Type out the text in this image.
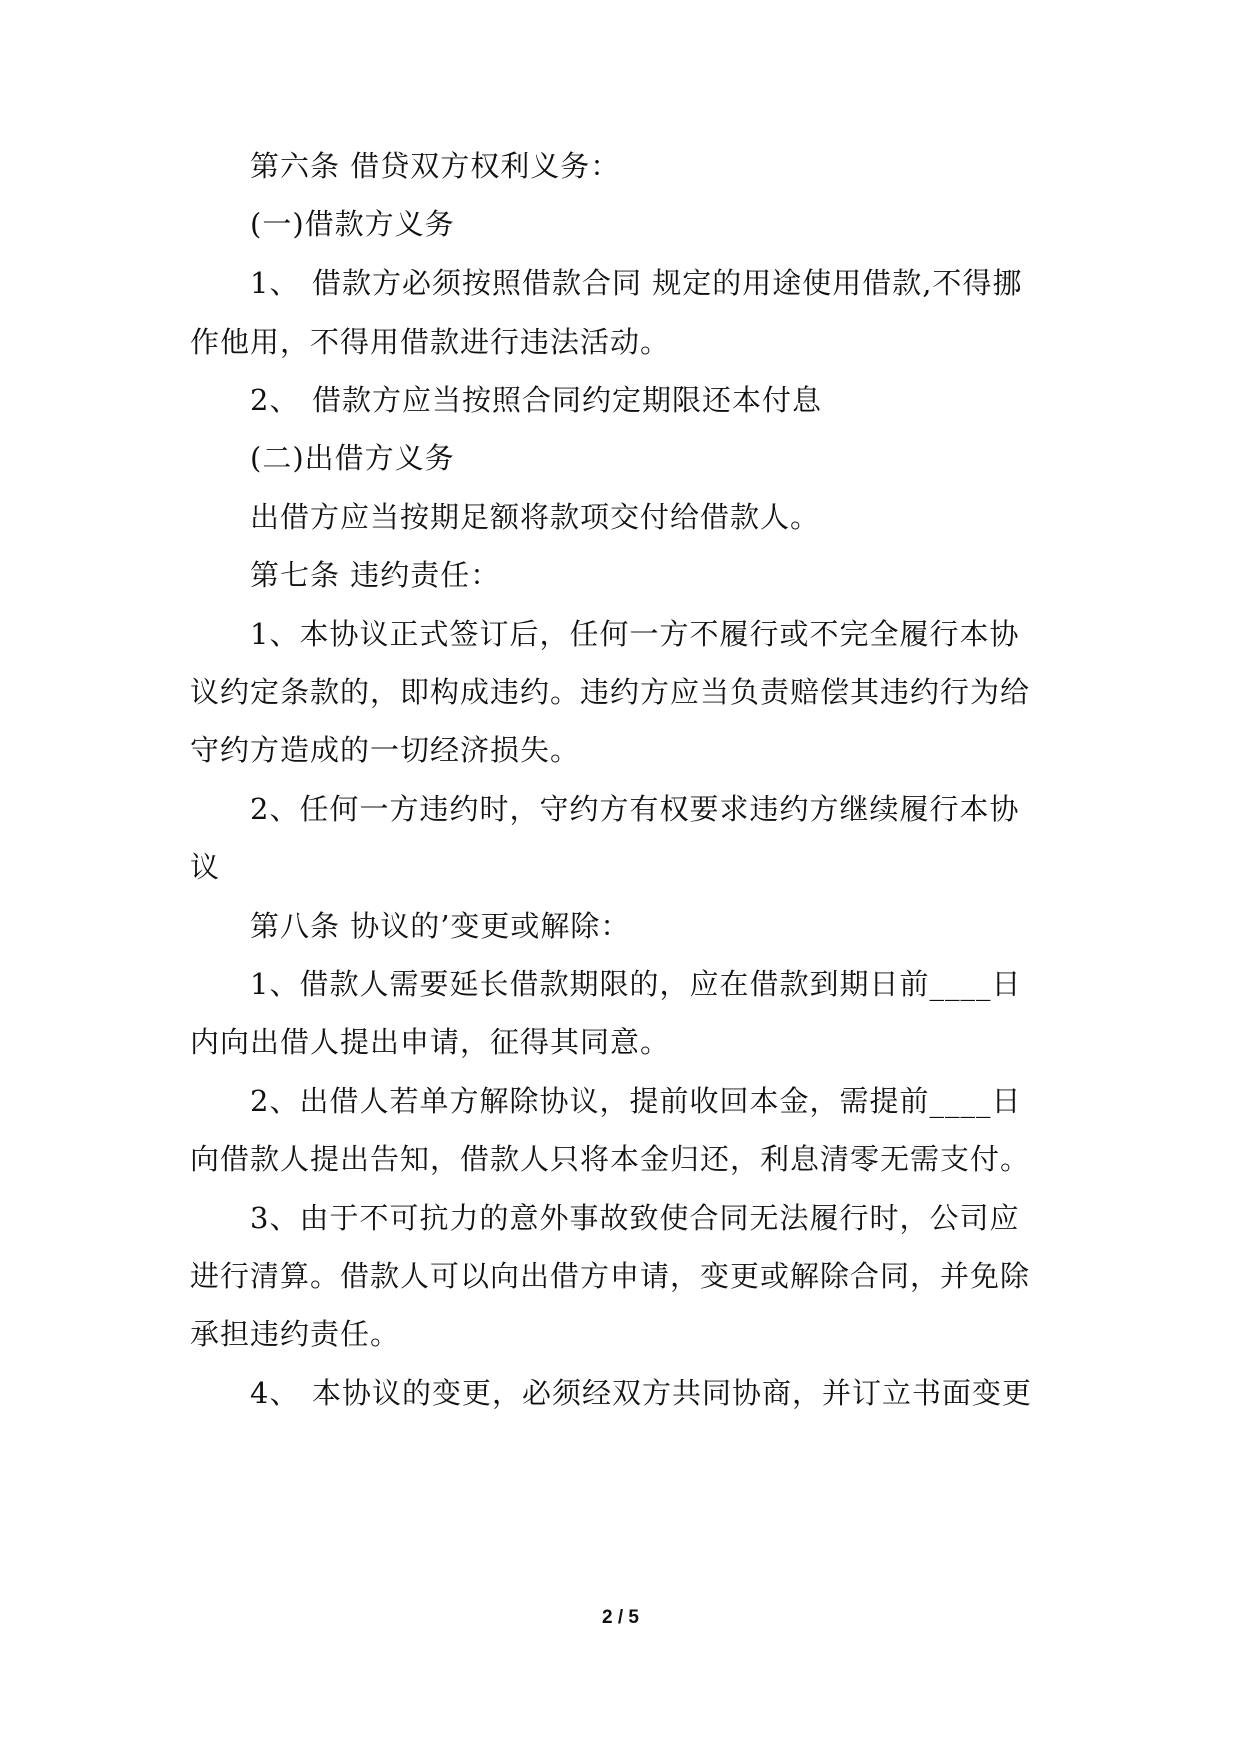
第六条 借贷双方权利义务：
(一)借款方义务
1、 借款方必须按照借款合同 规定的用途使用借款,不得挪
作他用，不得用借款进行违法活动。
2、 借款方应当按照合同约定期限还本付息
(二)出借方义务
出借方应当按期足额将款项交付给借款人。
第七条 违约责任：
1、本协议正式签订后，任何一方不履行或不完全履行本协
议约定条款的，即构成违约。违约方应当负责赔偿其违约行为给
守约方造成的一切经济损失。
2、任何一方违约时，守约方有权要求违约方继续履行本协
议
第八条 协议的’变更或解除：
1、借款人需要延长借款期限的，应在借款到期日前____日
内向出借人提出申请，征得其同意。
2、出借人若单方解除协议，提前收回本金，需提前____日
向借款人提出告知，借款人只将本金归还，利息清零无需支付。
3、由于不可抗力的意外事故致使合同无法履行时，公司应
进行清算。借款人可以向出借方申请，变更或解除合同，并免除
承担违约责任。
4、 本协议的变更，必须经双方共同协商，并订立书面变更
2 / 5
